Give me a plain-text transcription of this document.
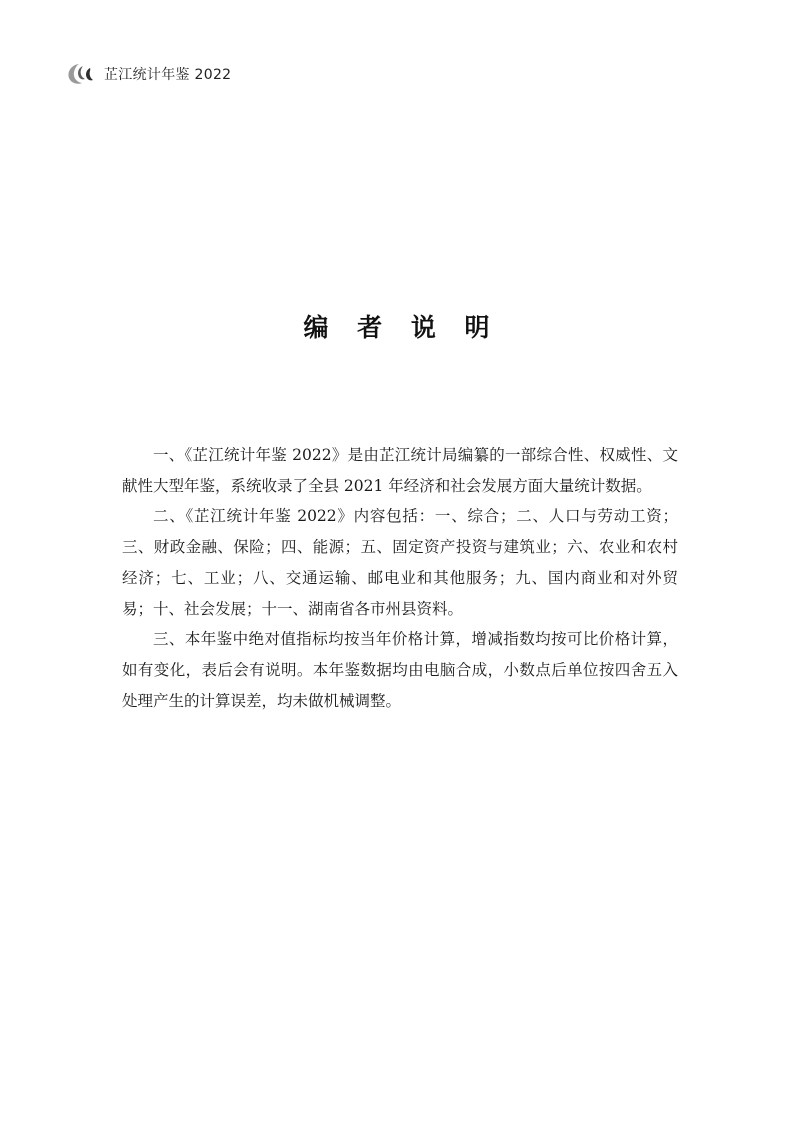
芷江统计年鉴 2022
编 者 说 明

一、《芷江统计年鉴 2022》是由芷江统计局编纂的一部综合性、权威性、文献性大型年鉴，系统收录了全县 2021 年经济和社会发展方面大量统计数据。

二、《芷江统计年鉴 2022》内容包括：一、综合；二、人口与劳动工资；三、财政金融、保险；四、能源；五、固定资产投资与建筑业；六、农业和农村经济；七、工业；八、交通运输、邮电业和其他服务；九、国内商业和对外贸易；十、社会发展；十一、湖南省各市州县资料。

三、本年鉴中绝对值指标均按当年价格计算，增减指数均按可比价格计算，如有变化，表后会有说明。本年鉴数据均由电脑合成，小数点后单位按四舍五入处理产生的计算误差，均未做机械调整。
